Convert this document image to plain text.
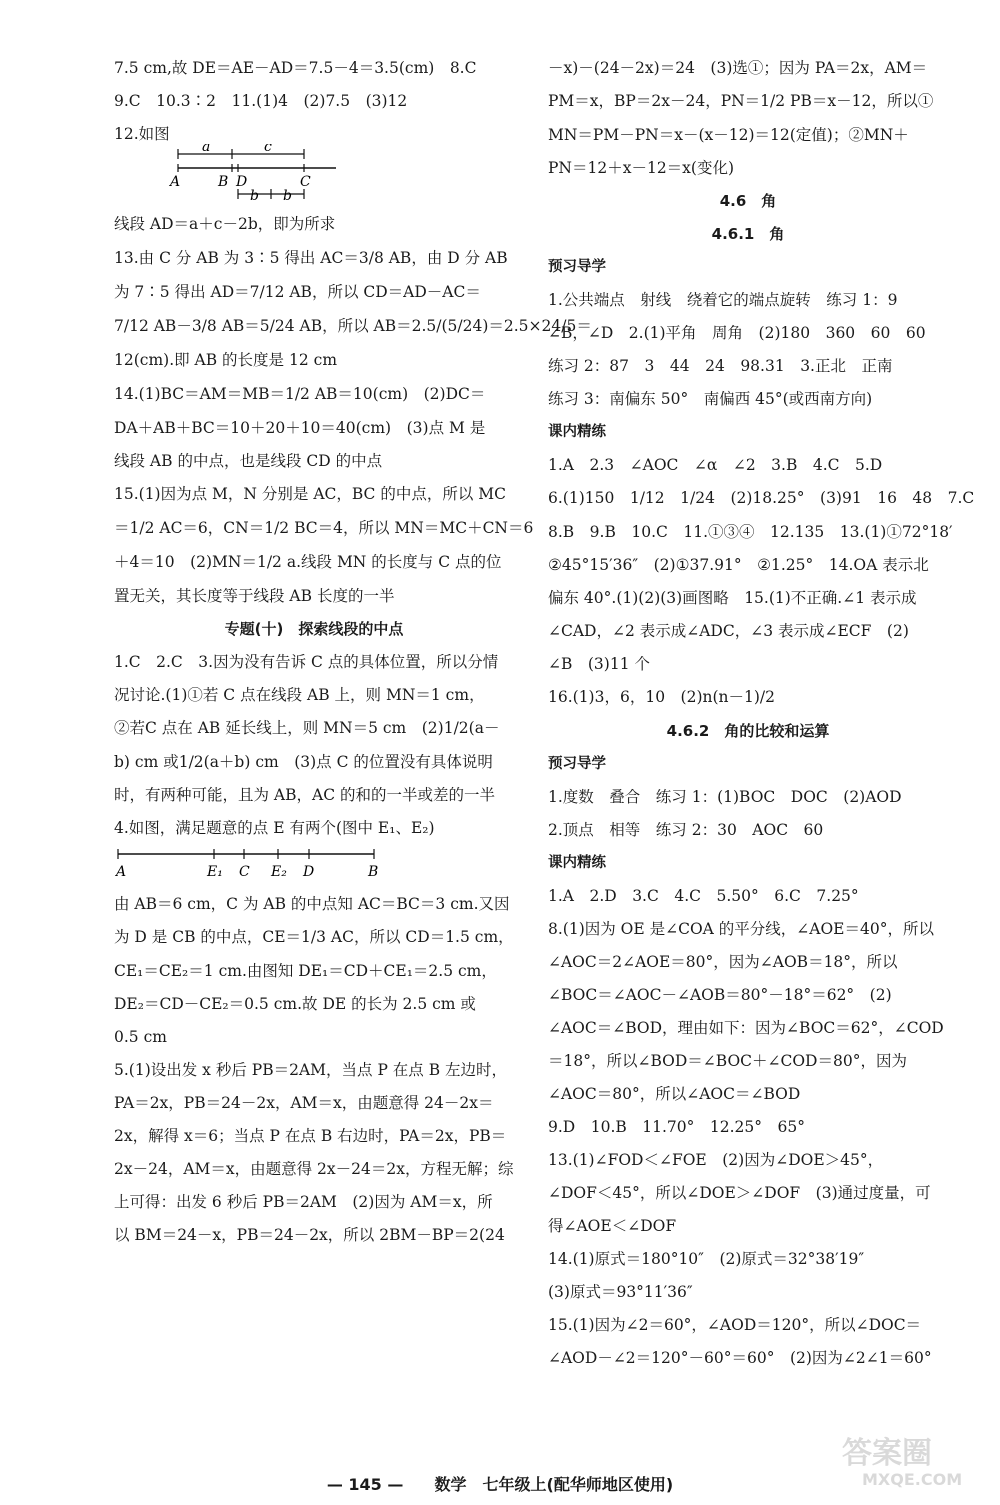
7.5 cm,故 DE＝AE－AD＝7.5－4＝3.5(cm)　8.C
9.C　10.3∶2　11.(1)4　(2)7.5　(3)12
12.如图
a	c
A	B D	C
b b
线段 AD＝a＋c－2b，即为所求
13.由 C 分 AB 为 3∶5 得出 AC＝3/8 AB，由 D 分 AB
为 7∶5 得出 AD＝7/12 AB，所以 CD＝AD－AC＝
7/12 AB－3/8 AB＝5/24 AB，所以 AB＝2.5/(5/24)＝2.5×24/5＝
12(cm).即 AB 的长度是 12 cm
14.(1)BC＝AM＝MB＝1/2 AB＝10(cm)　(2)DC＝
DA＋AB＋BC＝10＋20＋10＝40(cm)　(3)点 M 是
线段 AB 的中点，也是线段 CD 的中点
15.(1)因为点 M，N 分别是 AC，BC 的中点，所以 MC
＝1/2 AC＝6，CN＝1/2 BC＝4，所以 MN＝MC＋CN＝6
＋4＝10　(2)MN＝1/2 a.线段 MN 的长度与 C 点的位
置无关，其长度等于线段 AB 长度的一半
专题(十)　探索线段的中点
1.C　2.C　3.因为没有告诉 C 点的具体位置，所以分情
况讨论.(1)①若 C 点在线段 AB 上，则 MN＝1 cm，
②若C 点在 AB 延长线上，则 MN＝5 cm　(2)1/2(a－
b) cm 或1/2(a＋b) cm　(3)点 C 的位置没有具体说明
时，有两种可能，且为 AB，AC 的和的一半或差的一半
4.如图，满足题意的点 E 有两个(图中 E₁、E₂)
A	E₁ C E₂ D	B
由 AB＝6 cm，C 为 AB 的中点知 AC＝BC＝3 cm.又因
为 D 是 CB 的中点，CE＝1/3 AC，所以 CD＝1.5 cm，
CE₁＝CE₂＝1 cm.由图知 DE₁＝CD＋CE₁＝2.5 cm，
DE₂＝CD－CE₂＝0.5 cm.故 DE 的长为 2.5 cm 或
0.5 cm
5.(1)设出发 x 秒后 PB＝2AM，当点 P 在点 B 左边时，
PA＝2x，PB＝24－2x，AM＝x，由题意得 24－2x＝
2x，解得 x＝6；当点 P 在点 B 右边时，PA＝2x，PB＝
2x－24，AM＝x，由题意得 2x－24＝2x，方程无解；综
上可得：出发 6 秒后 PB＝2AM　(2)因为 AM＝x，所
以 BM＝24－x，PB＝24－2x，所以 2BM－BP＝2(24
－x)－(24－2x)＝24　(3)选①；因为 PA＝2x，AM＝
PM＝x，BP＝2x－24，PN＝1/2 PB＝x－12，所以①
MN＝PM－PN＝x－(x－12)＝12(定值)；②MN＋
PN＝12＋x－12＝x(变化)
4.6　角
4.6.1　角
预习导学
1.公共端点　射线　绕着它的端点旋转　练习 1：9
∠B，∠D　2.(1)平角　周角　(2)180　360　60　60
练习 2：87　3　44　24　98.31　3.正北　正南
练习 3：南偏东 50°　南偏西 45°(或西南方向)
课内精练
1.A　2.3　∠AOC　∠α　∠2　3.B　4.C　5.D
6.(1)150　1/12　1/24　(2)18.25°　(3)91　16　48　7.C
8.B　9.B　10.C　11.①③④　12.135　13.(1)①72°18′
②45°15′36″　(2)①37.91°　②1.25°　14.OA 表示北
偏东 40°.(1)(2)(3)画图略　15.(1)不正确.∠1 表示成
∠CAD，∠2 表示成∠ADC，∠3 表示成∠ECF　(2)
∠B　(3)11 个
16.(1)3，6，10　(2)n(n－1)/2
4.6.2　角的比较和运算
预习导学
1.度数　叠合　练习 1：(1)BOC　DOC　(2)AOD
2.顶点　相等　练习 2：30　AOC　60
课内精练
1.A　2.D　3.C　4.C　5.50°　6.C　7.25°
8.(1)因为 OE 是∠COA 的平分线，∠AOE＝40°，所以
∠AOC＝2∠AOE＝80°，因为∠AOB＝18°，所以
∠BOC＝∠AOC－∠AOB＝80°－18°＝62°　(2)
∠AOC＝∠BOD，理由如下：因为∠BOC＝62°，∠COD
＝18°，所以∠BOD＝∠BOC＋∠COD＝80°，因为
∠AOC＝80°，所以∠AOC＝∠BOD
9.D　10.B　11.70°　12.25°　65°
13.(1)∠FOD＜∠FOE　(2)因为∠DOE＞45°，
∠DOF＜45°，所以∠DOE＞∠DOF　(3)通过度量，可
得∠AOE＜∠DOF
14.(1)原式＝180°10″　(2)原式＝32°38′19″
(3)原式＝93°11′36″
15.(1)因为∠2＝60°，∠AOD＝120°，所以∠DOC＝
∠AOD－∠2＝120°－60°＝60°　(2)因为∠2∠1＝60°
— 145 — 数学　七年级上(配华师地区使用)
答案圈
MXQE.COM
